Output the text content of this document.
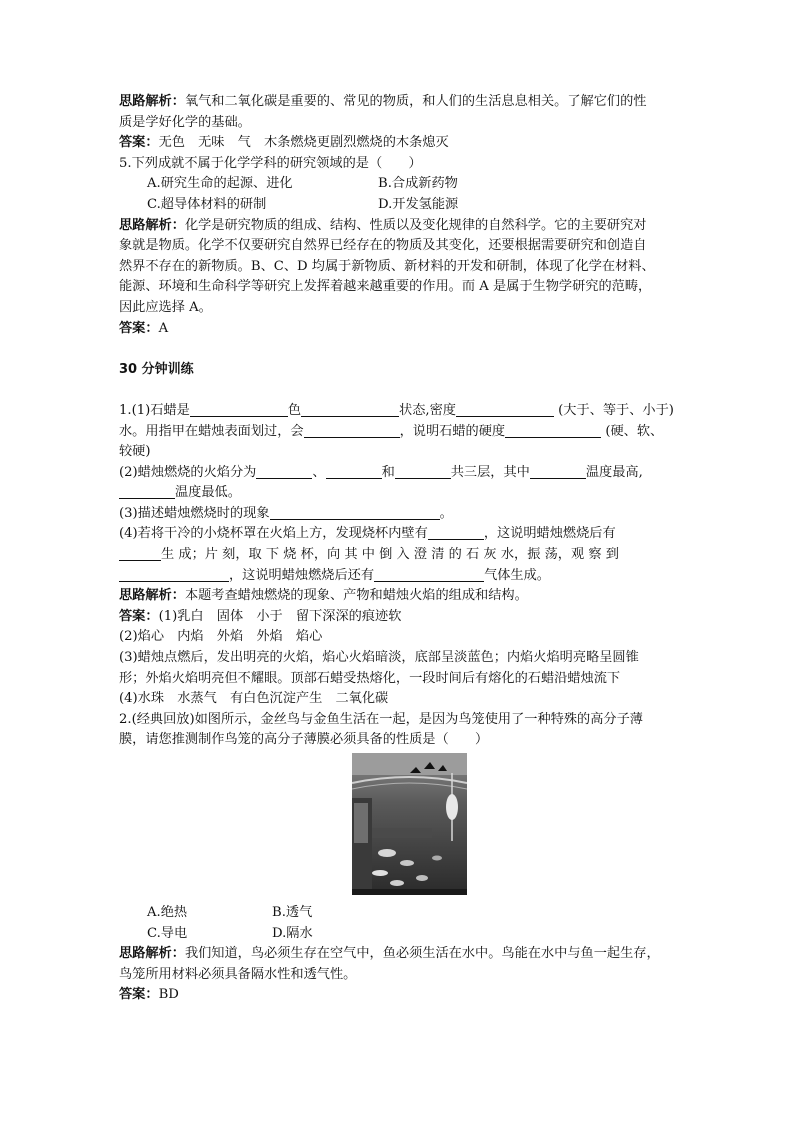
思路解析：氧气和二氧化碳是重要的、常见的物质，和人们的生活息息相关。了解它们的性
质是学好化学的基础。
答案：无色　无味　气　木条燃烧更剧烈燃烧的木条熄灭
5.下列成就不属于化学学科的研究领域的是（　　）
A.研究生命的起源、进化	B.合成新药物
C.超导体材料的研制	D.开发氢能源
思路解析：化学是研究物质的组成、结构、性质以及变化规律的自然科学。它的主要研究对
象就是物质。化学不仅要研究自然界已经存在的物质及其变化，还要根据需要研究和创造自
然界不存在的新物质。B、C、D 均属于新物质、新材料的开发和研制，体现了化学在材料、
能源、环境和生命科学等研究上发挥着越来越重要的作用。而 A 是属于生物学研究的范畴，
因此应选择 A。
答案：A
30 分钟训练
1.(1)石蜡是	色	状态,密度	(大于、等于、小于)
水。用指甲在蜡烛表面划过，会	，说明石蜡的硬度	(硬、软、
较硬)
(2)蜡烛燃烧的火焰分为	、	和	共三层，其中	温度最高,
温度最低。
(3)描述蜡烛燃烧时的现象	。
(4)若将干冷的小烧杯罩在火焰上方，发现烧杯内壁有	，这说明蜡烛燃烧后有
生 成；片 刻，取 下 烧 杯，向 其 中 倒 入 澄 清 的 石 灰 水，振 荡，观 察 到
，这说明蜡烛燃烧后还有	气体生成。
思路解析：本题考查蜡烛燃烧的现象、产物和蜡烛火焰的组成和结构。
答案：(1)乳白　固体　小于　留下深深的痕迹软
(2)焰心　内焰　外焰　外焰　焰心
(3)蜡烛点燃后，发出明亮的火焰，焰心火焰暗淡，底部呈淡蓝色；内焰火焰明亮略呈圆锥
形；外焰火焰明亮但不耀眼。顶部石蜡受热熔化，一段时间后有熔化的石蜡沿蜡烛流下
(4)水珠　水蒸气　有白色沉淀产生　二氧化碳
2.(经典回放)如图所示，金丝鸟与金鱼生活在一起，是因为鸟笼使用了一种特殊的高分子薄
膜，请您推测制作鸟笼的高分子薄膜必须具备的性质是（　　）
A.绝热	B.透气
C.导电	D.隔水
思路解析：我们知道，鸟必须生存在空气中，鱼必须生活在水中。鸟能在水中与鱼一起生存，
鸟笼所用材料必须具备隔水性和透气性。
答案：BD
